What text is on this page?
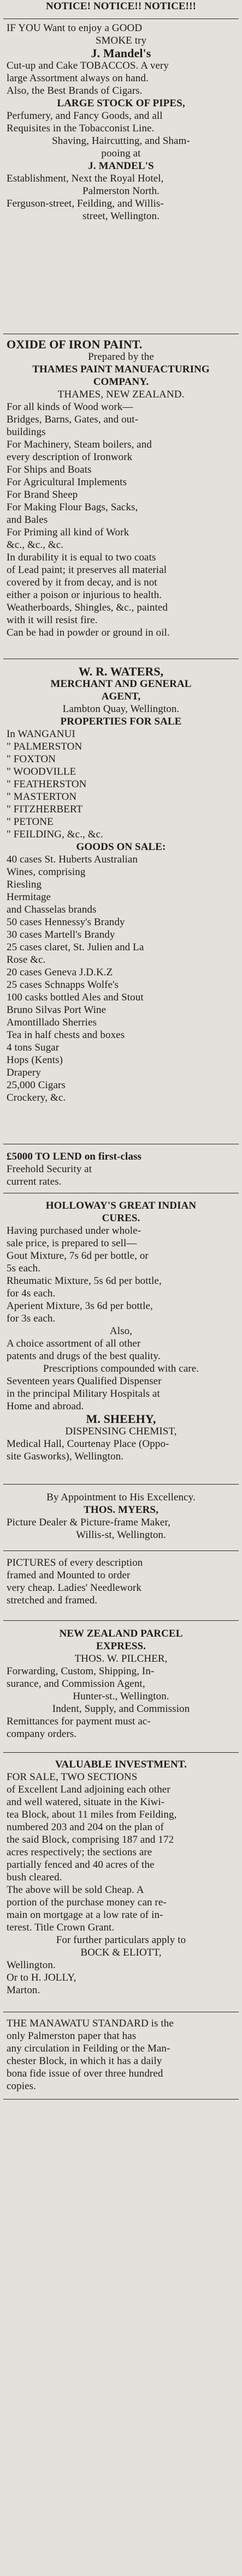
NOTICE! NOTICE!! NOTICE!!!
IF YOU Want to enjoy a GOOD
SMOKE try
J. Mandel's
Cut-up and Cake TOBACCOS. A very
large Assortment always on hand.
Also, the Best Brands of Cigars.
LARGE STOCK OF PIPES,
Perfumery, and Fancy Goods, and all
Requisites in the Tobacconist Line.
Shaving, Haircutting, and Sham-
pooing at
J. MANDEL'S
Establishment, Next the Royal Hotel,
Palmerston North.
Ferguson-street, Feilding, and Willis-
street, Wellington.
OXIDE OF IRON PAINT.
Prepared by the
THAMES PAINT MANUFACTURING
COMPANY.
THAMES, NEW ZEALAND.
For all kinds of Wood work—
Bridges, Barns, Gates, and out-
buildings
For Machinery, Steam boilers, and
every description of Ironwork
For Ships and Boats
For Agricultural Implements
For Brand Sheep
For Making Flour Bags, Sacks,
and Bales
For Priming all kind of Work
&c., &c., &c.
In durability it is equal to two coats
of Lead paint; it preserves all material
covered by it from decay, and is not
either a poison or injurious to health.
Weatherboards, Shingles, &c., painted
with it will resist fire.
Can be had in powder or ground in oil.
W. R. WATERS,
MERCHANT AND GENERAL
AGENT,
Lambton Quay, Wellington.
PROPERTIES FOR SALE
In WANGANUI
" PALMERSTON
" FOXTON
" WOODVILLE
" FEATHERSTON
" MASTERTON
" FITZHERBERT
" PETONE
" FEILDING, &c., &c.
GOODS ON SALE:
40 cases St. Huberts Australian
Wines, comprising
Riesling
Hermitage
and Chasselas brands
50 cases Hennessy's Brandy
30 cases Martell's Brandy
25 cases claret, St. Julien and La
Rose &c.
20 cases Geneva J.D.K.Z
25 cases Schnapps Wolfe's
100 casks bottled Ales and Stout
Bruno Silvas Port Wine
Amontillado Sherries
Tea in half chests and boxes
4 tons Sugar
Hops (Kents)
Drapery
25,000 Cigars
Crockery, &c.
£5000 TO LEND on first-class
Freehold Security at
current rates.
HOLLOWAY'S GREAT INDIAN
CURES.
Having purchased under whole-
sale price, is prepared to sell—
Gout Mixture, 7s 6d per bottle, or
5s each.
Rheumatic Mixture, 5s 6d per bottle,
for 4s each.
Aperient Mixture, 3s 6d per bottle,
for 3s each.
Also,
A choice assortment of all other
patents and drugs of the best quality.
Prescriptions compounded with care.
Seventeen years Qualified Dispenser
in the principal Military Hospitals at
Home and abroad.
M. SHEEHY,
DISPENSING CHEMIST,
Medical Hall, Courtenay Place (Oppo-
site Gasworks), Wellington.
By Appointment to His Excellency.
THOS. MYERS,
Picture Dealer & Picture-frame Maker,
Willis-st, Wellington.
PICTURES of every description
framed and Mounted to order
very cheap. Ladies' Needlework
stretched and framed.
NEW ZEALAND PARCEL
EXPRESS.
THOS. W. PILCHER,
Forwarding, Custom, Shipping, In-
surance, and Commission Agent,
Hunter-st., Wellington.
Indent, Supply, and Commission
Remittances for payment must ac-
company orders.
VALUABLE INVESTMENT.
FOR SALE, TWO SECTIONS
of Excellent Land adjoining each other
and well watered, situate in the Kiwi-
tea Block, about 11 miles from Feilding,
numbered 203 and 204 on the plan of
the said Block, comprising 187 and 172
acres respectively; the sections are
partially fenced and 40 acres of the
bush cleared.
The above will be sold Cheap. A
portion of the purchase money can re-
main on mortgage at a low rate of in-
terest. Title Crown Grant.
For further particulars apply to
BOCK & ELIOTT,
Wellington.
Or to H. JOLLY,
Marton.
THE MANAWATU STANDARD is the
only Palmerston paper that has
any circulation in Feilding or the Man-
chester Block, in which it has a daily
bona fide issue of over three hundred
copies.
